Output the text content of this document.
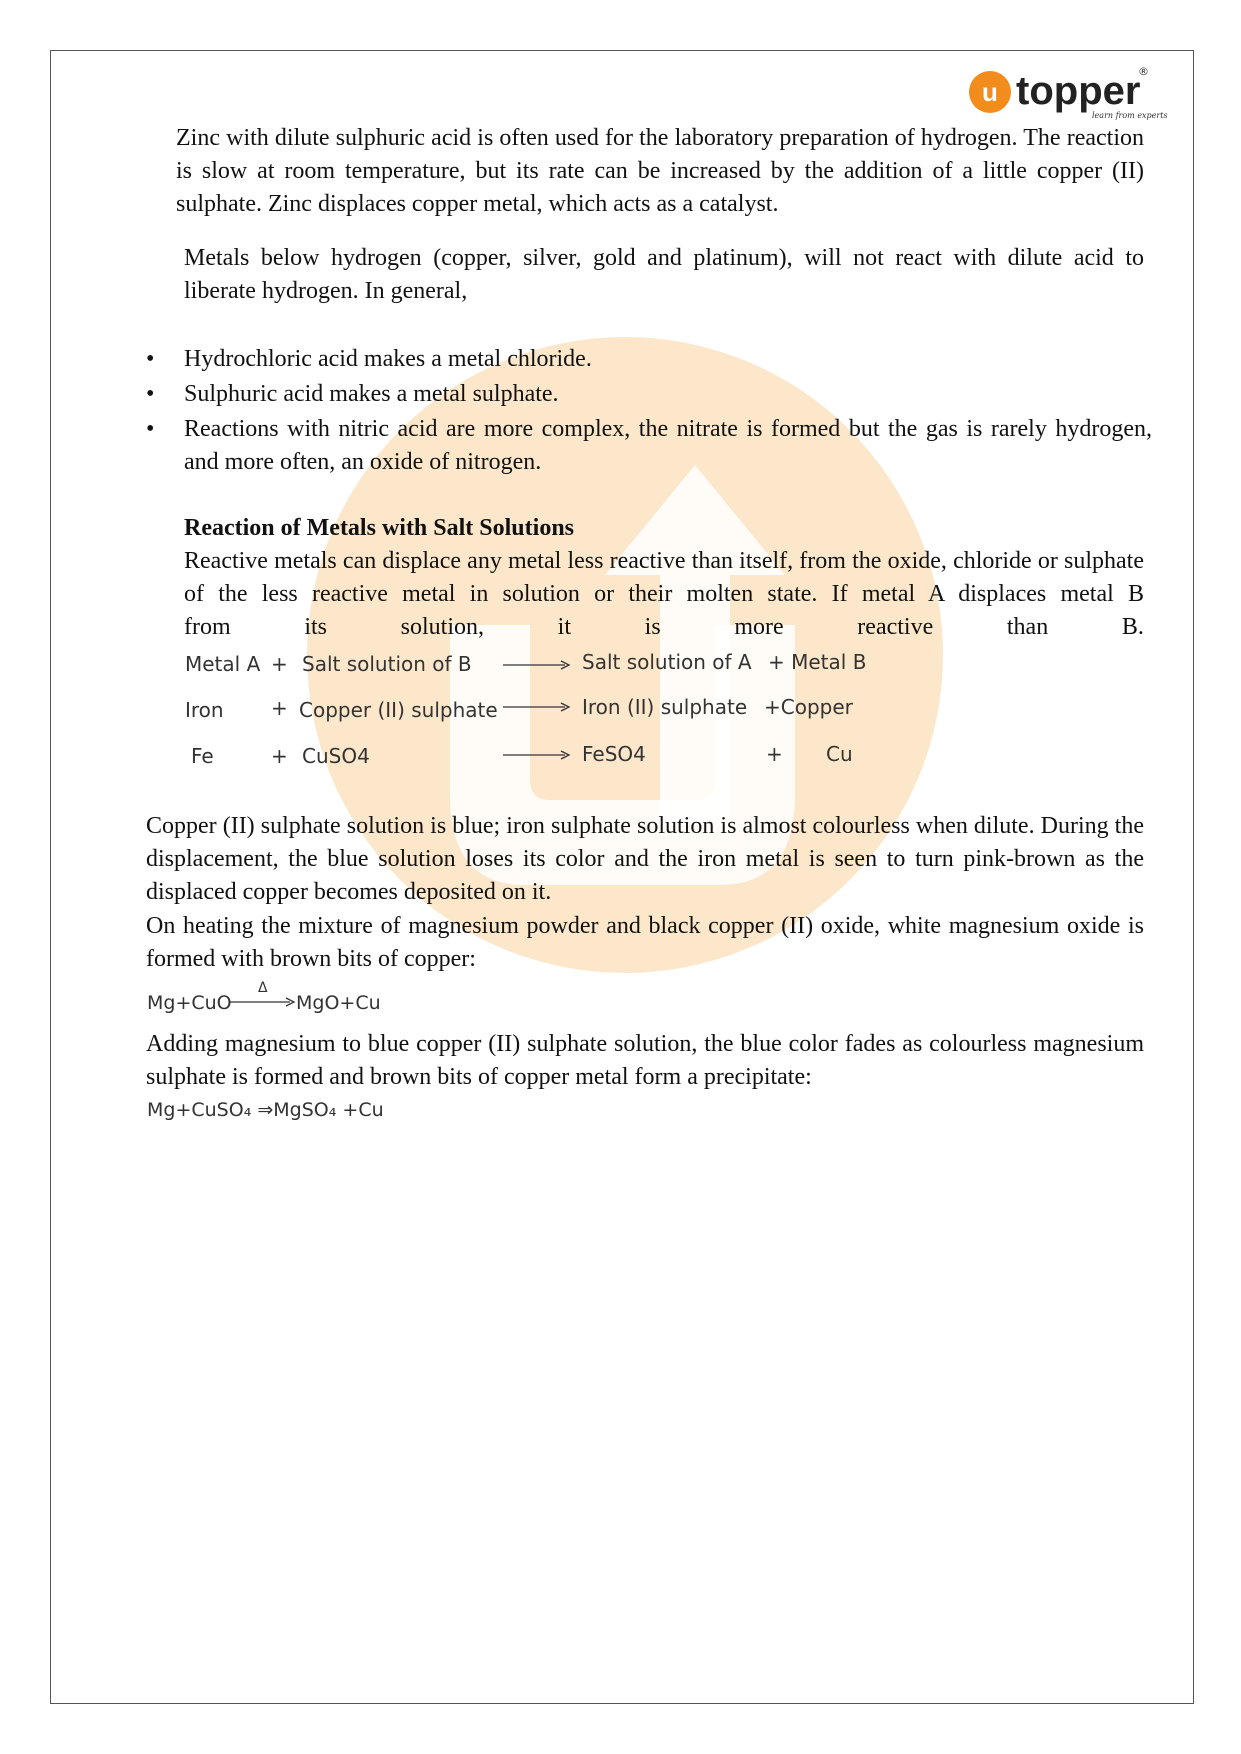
u topper
learn from experts
®

Zinc with dilute sulphuric acid is often used for the laboratory preparation of hydrogen. The reaction is slow at room temperature, but its rate can be increased by the addition of a little copper (II) sulphate. Zinc displaces copper metal, which acts as a catalyst.

Metals below hydrogen (copper, silver, gold and platinum), will not react with dilute acid to liberate hydrogen. In general,

• Hydrochloric acid makes a metal chloride.
• Sulphuric acid makes a metal sulphate.
• Reactions with nitric acid are more complex, the nitrate is formed but the gas is rarely hydrogen, and more often, an oxide of nitrogen.
Reaction of Metals with Salt Solutions

Reactive metals can displace any metal less reactive than itself, from the oxide, chloride or sulphate of the less reactive metal in solution or their molten state. If metal A displaces metal B

from	its	solution,	it	is	more	reactive	than	B.
Metal A + Salt solution of B	Salt solution of A + Metal B
Iron + Copper (II) sulphate	Iron (II) sulphate +Copper
Fe	+ CuSO4	FeSO4	+ Cu

Copper (II) sulphate solution is blue; iron sulphate solution is almost colourless when dilute. During the displacement, the blue solution loses its color and the iron metal is seen to turn pink-brown as the displaced copper becomes deposited on it.

On heating the mixture of magnesium powder and black copper (II) oxide, white magnesium oxide is formed with brown bits of copper:

Mg+CuO
Δ
MgO+Cu

Adding magnesium to blue copper (II) sulphate solution, the blue color fades as colourless magnesium sulphate is formed and brown bits of copper metal form a precipitate:

Mg+CuSO₄ ⇒MgSO₄ +Cu
